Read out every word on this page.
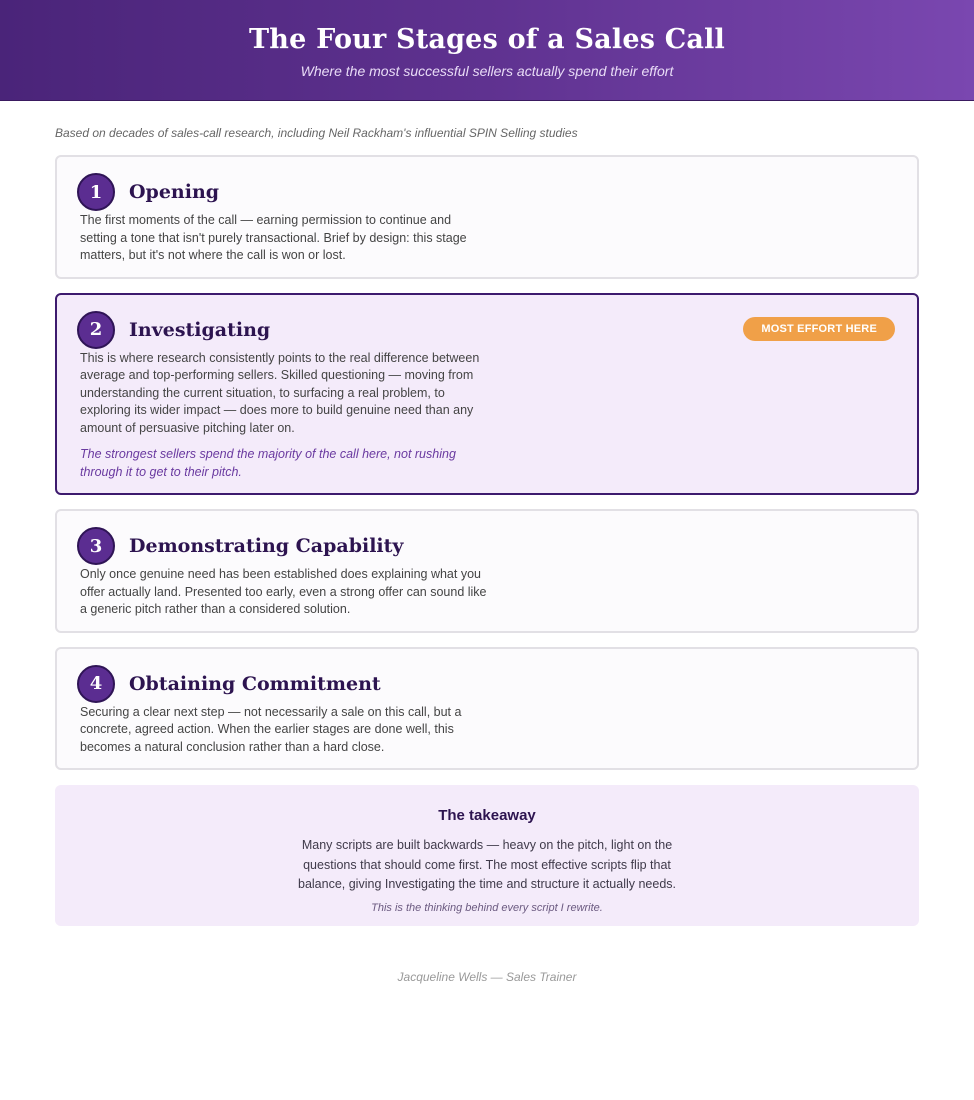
The Four Stages of a Sales Call
Where the most successful sellers actually spend their effort
Based on decades of sales-call research, including Neil Rackham's influential SPIN Selling studies
1	Opening
The first moments of the call — earning permission to continue and setting a tone that isn't purely transactional. Brief by design: this stage matters, but it's not where the call is won or lost.
2	Investigating	MOST EFFORT HERE
This is where research consistently points to the real difference between average and top-performing sellers. Skilled questioning — moving from understanding the current situation, to surfacing a real problem, to exploring its wider impact — does more to build genuine need than any amount of persuasive pitching later on.
The strongest sellers spend the majority of the call here, not rushing through it to get to their pitch.
3	Demonstrating Capability
Only once genuine need has been established does explaining what you offer actually land. Presented too early, even a strong offer can sound like a generic pitch rather than a considered solution.
4	Obtaining Commitment
Securing a clear next step — not necessarily a sale on this call, but a concrete, agreed action. When the earlier stages are done well, this becomes a natural conclusion rather than a hard close.
The takeaway
Many scripts are built backwards — heavy on the pitch, light on the questions that should come first. The most effective scripts flip that balance, giving Investigating the time and structure it actually needs.
This is the thinking behind every script I rewrite.
Jacqueline Wells — Sales Trainer
